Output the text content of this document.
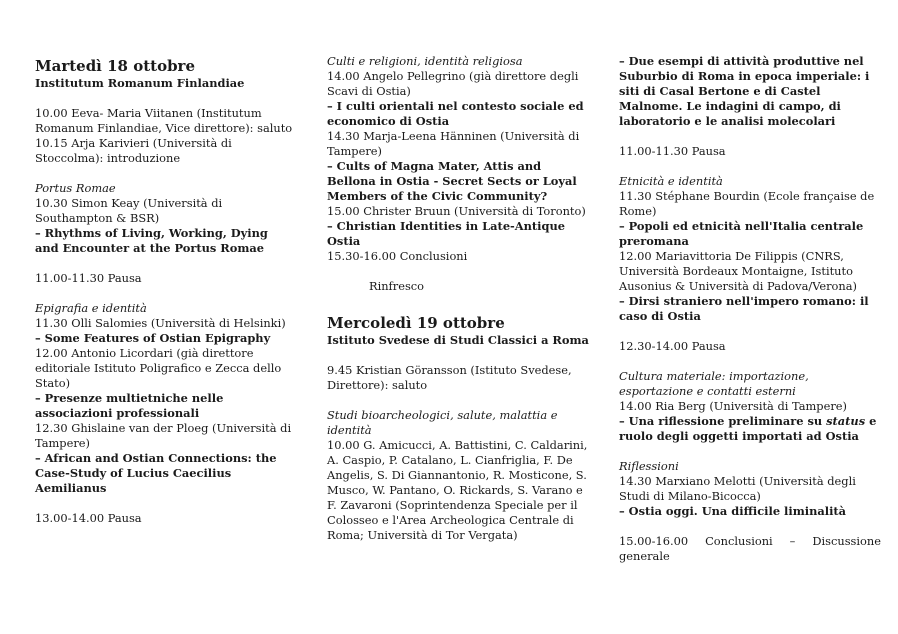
Martedì 18 ottobre

Institutum Romanum Finlandiae

10.00 Eeva- Maria Viitanen (Institutum Romanum Finlandiae, Vice direttore): saluto

10.15 Arja Karivieri (Università di Stoccolma): introduzione

Portus Romae

10.30 Simon Keay (Università di Southampton & BSR)

– Rhythms of Living, Working, Dying and Encounter at the Portus Romae

11.00-11.30 Pausa

Epigrafia e identità

11.30 Olli Salomies (Università di Helsinki)

– Some Features of Ostian Epigraphy

12.00 Antonio Licordari (già direttore editoriale Istituto Poligrafico e Zecca dello Stato)

– Presenze multietniche nelle associazioni professionali

12.30 Ghislaine van der Ploeg (Università di Tampere)

– African and Ostian Connections: the Case-Study of Lucius Caecilius Aemilianus

13.00-14.00 Pausa

Culti e religioni, identità religiosa

14.00 Angelo Pellegrino (già direttore degli Scavi di Ostia)

– I culti orientali nel contesto sociale ed economico di Ostia

14.30 Marja-Leena Hänninen (Università di Tampere)

– Cults of Magna Mater, Attis and Bellona in Ostia - Secret Sects or Loyal Members of the Civic Community?

15.00 Christer Bruun (Università di Toronto)

– Christian Identities in Late-Antique Ostia

15.30-16.00 Conclusioni

Rinfresco

Mercoledì 19 ottobre

Istituto Svedese di Studi Classici a Roma

9.45 Kristian Göransson (Istituto Svedese, Direttore): saluto

Studi bioarcheologici, salute, malattia e identità

10.00 G. Amicucci, A. Battistini, C. Caldarini, A. Caspio, P. Catalano, L. Cianfriglia, F. De Angelis, S. Di Giannantonio, R. Mosticone, S. Musco, W. Pantano, O. Rickards, S. Varano e F. Zavaroni (Soprintendenza Speciale per il Colosseo e l'Area Archeologica Centrale di Roma; Università di Tor Vergata)

– Due esempi di attività produttive nel Suburbio di Roma in epoca imperiale: i siti di Casal Bertone e di Castel Malnome. Le indagini di campo, di laboratorio e le analisi molecolari

11.00-11.30 Pausa

Etnicità e identità

11.30 Stéphane Bourdin (Ecole française de Rome)

– Popoli ed etnicità nell'Italia centrale preromana

12.00 Mariavittoria De Filippis (CNRS, Università Bordeaux Montaigne, Istituto Ausonius & Università di Padova/Verona)

– Dirsi straniero nell'impero romano: il caso di Ostia

12.30-14.00 Pausa

Cultura materiale: importazione, esportazione e contatti esterni

14.00 Ria Berg (Università di Tampere)

– Una riflessione preliminare su status e ruolo degli oggetti importati ad Ostia

Riflessioni

14.30 Marxiano Melotti (Università degli Studi di Milano-Bicocca)

– Ostia oggi. Una difficile liminalità

15.00-16.00 Conclusioni – Discussione

generale
